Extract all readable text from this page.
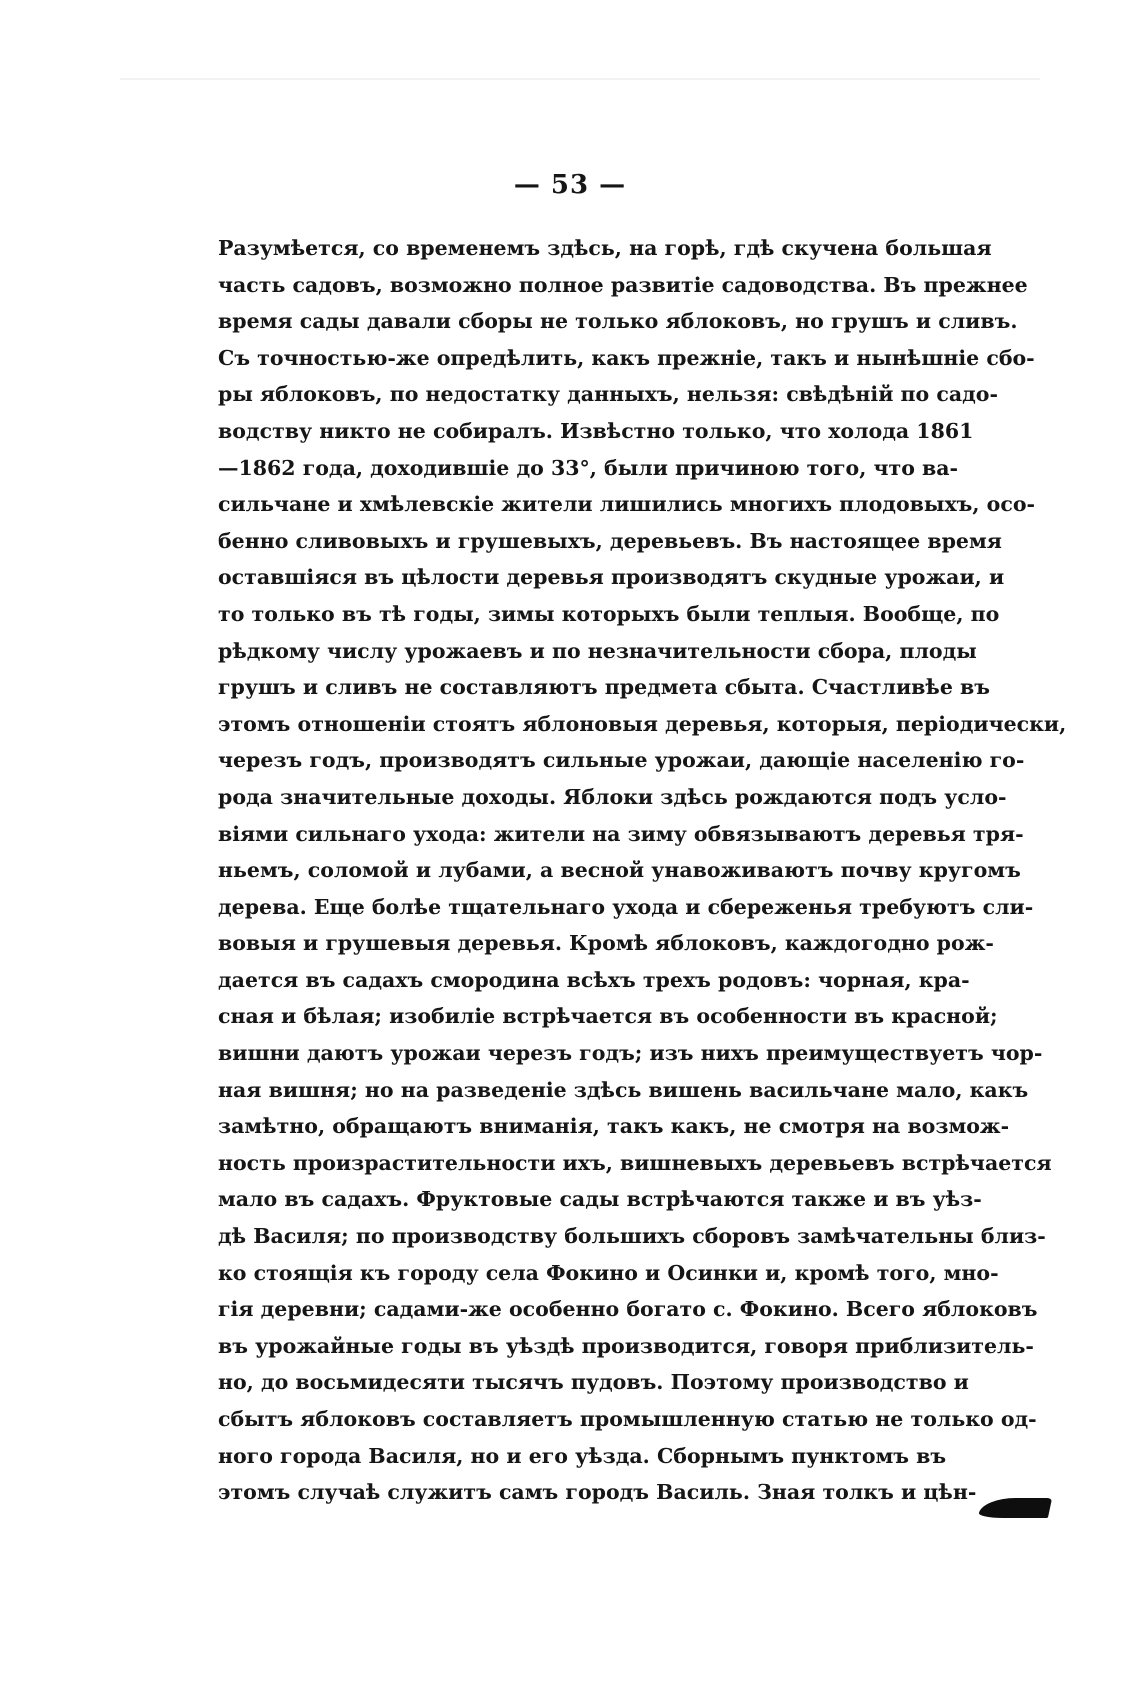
— 53 —
Разумѣется, со временемъ здѣсь, на горѣ, гдѣ скучена большая
часть садовъ, возможно полное развитіе садоводства. Въ прежнее
время сады давали сборы не только яблоковъ, но грушъ и сливъ.
Съ точностью-же опредѣлить, какъ прежніе, такъ и нынѣшніе сбо-
ры яблоковъ, по недостатку данныхъ, нельзя: свѣдѣній по садо-
водству никто не собиралъ. Извѣстно только, что холода 1861
—1862 года, доходившіе до 33°, были причиною того, что ва-
сильчане и хмѣлевскіе жители лишились многихъ плодовыхъ, осо-
бенно сливовыхъ и грушевыхъ, деревьевъ. Въ настоящее время
оставшіяся въ цѣлости деревья производятъ скудные урожаи, и
то только въ тѣ годы, зимы которыхъ были теплыя. Вообще, по
рѣдкому числу урожаевъ и по незначительности сбора, плоды
грушъ и сливъ не составляютъ предмета сбыта. Счастливѣе въ
этомъ отношеніи стоятъ яблоновыя деревья, которыя, періодически,
черезъ годъ, производятъ сильные урожаи, дающіе населенію го-
рода значительные доходы. Яблоки здѣсь рождаются подъ усло-
віями сильнаго ухода: жители на зиму обвязываютъ деревья тря-
ньемъ, соломой и лубами, а весной унавоживаютъ почву кругомъ
дерева. Еще болѣе тщательнаго ухода и сбереженья требуютъ сли-
вовыя и грушевыя деревья. Кромѣ яблоковъ, каждогодно рож-
дается въ садахъ смородина всѣхъ трехъ родовъ: чорная, кра-
сная и бѣлая; изобиліе встрѣчается въ особенности въ красной;
вишни даютъ урожаи черезъ годъ; изъ нихъ преимуществуетъ чор-
ная вишня; но на разведеніе здѣсь вишень васильчане мало, какъ
замѣтно, обращаютъ вниманія, такъ какъ, не смотря на возмож-
ность произрастительности ихъ, вишневыхъ деревьевъ встрѣчается
мало въ садахъ. Фруктовые сады встрѣчаются также и въ уѣз-
дѣ Василя; по производству большихъ сборовъ замѣчательны близ-
ко стоящія къ городу села Фокино и Осинки и, кромѣ того, мно-
гія деревни; садами-же особенно богато с. Фокино. Всего яблоковъ
въ урожайные годы въ уѣздѣ производится, говоря приблизитель-
но, до восьмидесяти тысячъ пудовъ. Поэтому производство и
сбытъ яблоковъ составляетъ промышленную статью не только од-
ного города Василя, но и его уѣзда. Сборнымъ пунктомъ въ
этомъ случаѣ служитъ самъ городъ Василь. Зная толкъ и цѣн-
